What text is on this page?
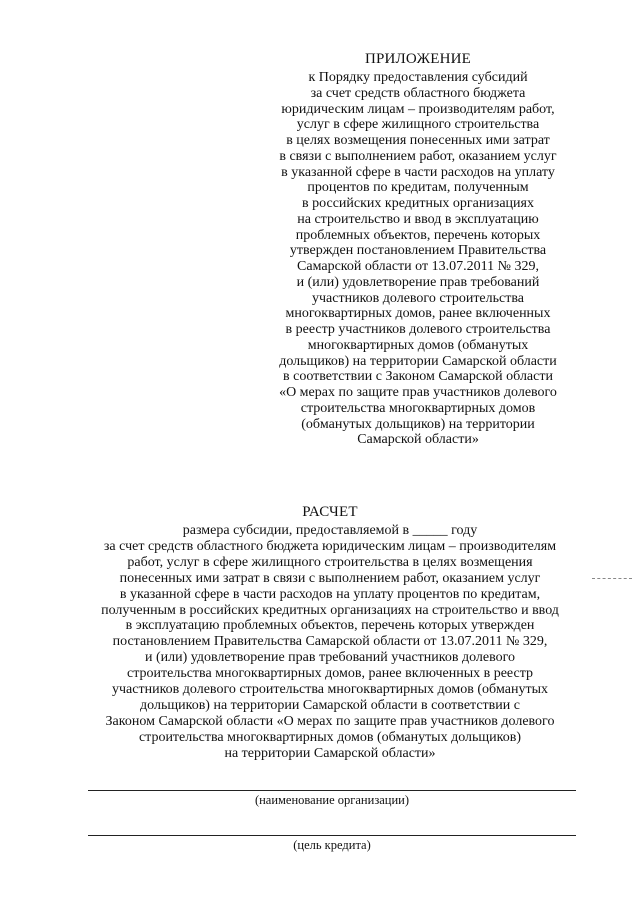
ПРИЛОЖЕНИЕ
к Порядку предоставления субсидий
за счет средств областного бюджета
юридическим лицам – производителям работ,
услуг в сфере жилищного строительства
в целях возмещения понесенных ими затрат
в связи с выполнением работ, оказанием услуг
в указанной сфере в части расходов на уплату
процентов по кредитам, полученным
в российских кредитных организациях
на строительство и ввод в эксплуатацию
проблемных объектов, перечень которых
утвержден постановлением Правительства
Самарской области от 13.07.2011 № 329,
и (или) удовлетворение прав требований
участников долевого строительства
многоквартирных домов, ранее включенных
в реестр участников долевого строительства
многоквартирных домов (обманутых
дольщиков) на территории Самарской области
в соответствии с Законом Самарской области
«О мерах по защите прав участников долевого
строительства многоквартирных домов
(обманутых дольщиков) на территории
Самарской области»
РАСЧЕТ
размера субсидии, предоставляемой в _____ году
за счет средств областного бюджета юридическим лицам – производителям
работ, услуг в сфере жилищного строительства в целях возмещения
понесенных ими затрат в связи с выполнением работ, оказанием услуг
в указанной сфере в части расходов на уплату процентов по кредитам,
полученным в российских кредитных организациях на строительство и ввод
в эксплуатацию проблемных объектов, перечень которых утвержден
постановлением Правительства Самарской области от 13.07.2011 № 329,
и (или) удовлетворение прав требований участников долевого
строительства многоквартирных домов, ранее включенных в реестр
участников долевого строительства многоквартирных домов (обманутых
дольщиков) на территории Самарской области в соответствии с
Законом Самарской области «О мерах по защите прав участников долевого
строительства многоквартирных домов (обманутых дольщиков)
на территории Самарской области»
(наименование организации)
(цель кредита)
